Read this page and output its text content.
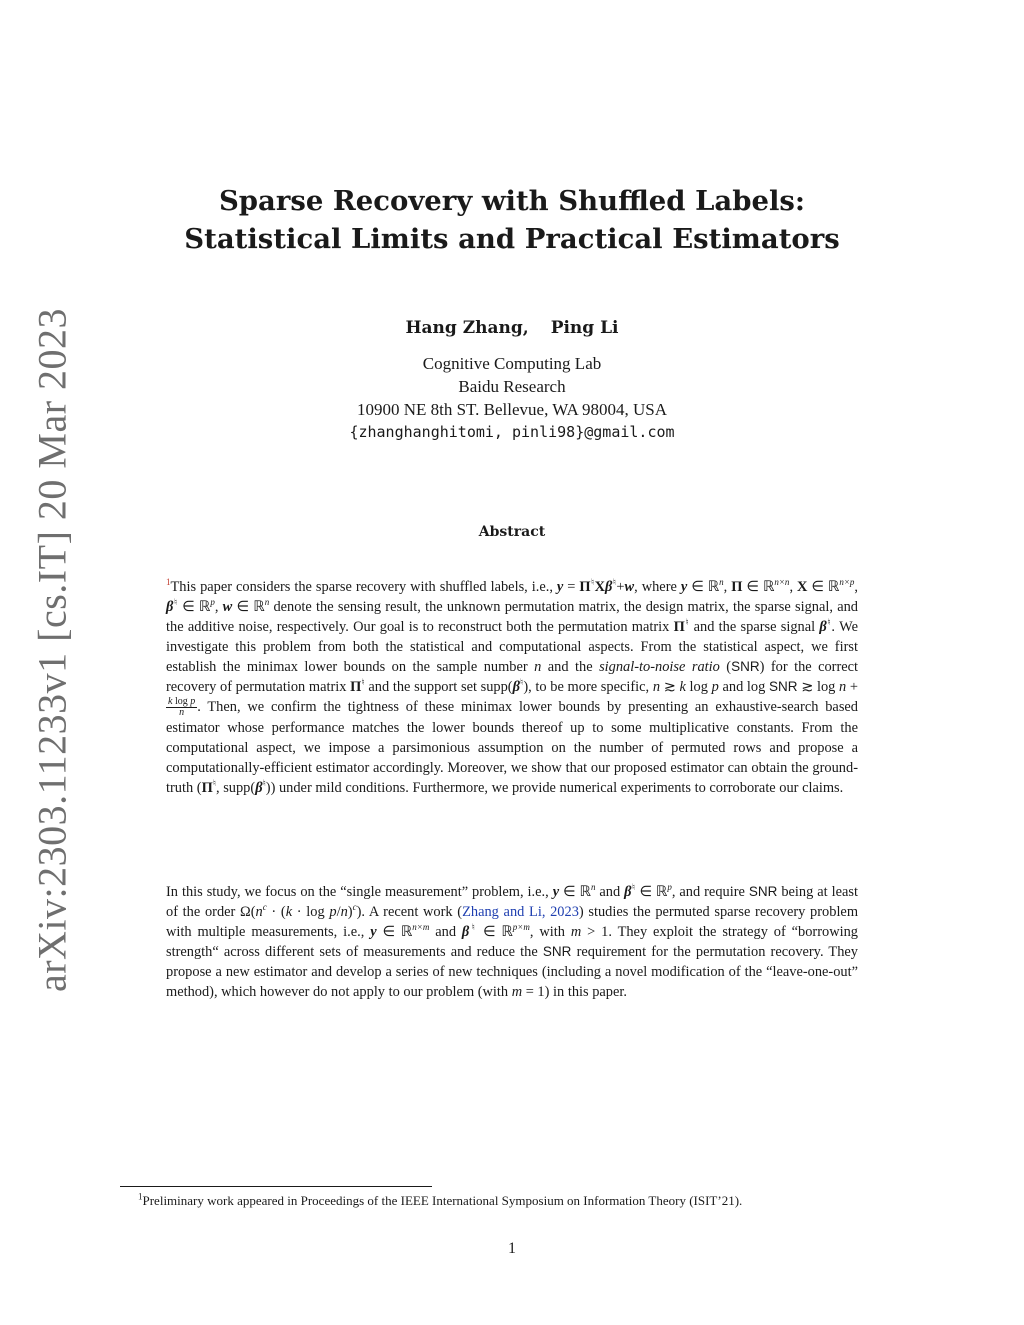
arXiv:2303.11233v1 [cs.IT] 20 Mar 2023
Sparse Recovery with Shuffled Labels:
Statistical Limits and Practical Estimators
Hang Zhang, Ping Li
Cognitive Computing Lab
Baidu Research
10900 NE 8th ST. Bellevue, WA 98004, USA
{zhanghanghitomi, pinli98}@gmail.com
Abstract
$^1$This paper considers the sparse recovery with shuffled labels, i.e., y = Π♮Xβ♮+w, where y ∈ ℝ$^n$, Π ∈ ℝ$^{n\times n}$, X ∈ ℝ$^{n\times p}$, β♮ ∈ ℝ$^p$, w ∈ ℝ$^n$ denote the sensing result, the unknown permutation matrix, the design matrix, the sparse signal, and the additive noise, respectively. Our goal is to reconstruct both the permutation matrix Π♮ and the sparse signal β♮. We investigate this problem from both the statistical and computational aspects. From the statistical aspect, we first establish the minimax lower bounds on the sample number n and the signal-to-noise ratio (SNR) for the correct recovery of permutation matrix Π♮ and the support set supp(β♮), to be more specific, n ≳ k log p and log SNR ≳ log n +
$\frac{\text{k log p}}{n}$ . Then, we confirm the tightness of these minimax lower bounds by presenting an exhaustive-search based estimator whose performance matches the lower bounds thereof up to some multiplicative constants. From the computational aspect, we impose a parsimonious assumption on the number of permuted rows and propose a computationally-efficient estimator accordingly. Moreover, we show that our proposed estimator can obtain the ground-truth (Π♮, supp(β♮)) under mild conditions. Furthermore, we provide numerical experiments to corroborate our claims.
In this study, we focus on the “single measurement” problem, i.e., y ∈ ℝ$^n$ and β♮ ∈ ℝ$^p$, and require SNR being at least of the order $\Omega(n^c \cdot (k \cdot \log p/n)^c)$. A recent work (Zhang and Li, 2023) studies the permuted sparse recovery problem with multiple measurements, i.e., y ∈ ℝ$^{n\times m}$ and β♮ ∈ ℝ$^{p\times m}$, with m > 1. They exploit the strategy of “borrowing strength“ across different sets of measurements and reduce the SNR requirement for the permutation recovery. They propose a new estimator and develop a series of new techniques (including a novel modification of the “leave-one-out” method), which however do not apply to our problem (with m = 1) in this paper.
$^1$Preliminary work appeared in Proceedings of the IEEE International Symposium on Information Theory (ISIT’21).
1
